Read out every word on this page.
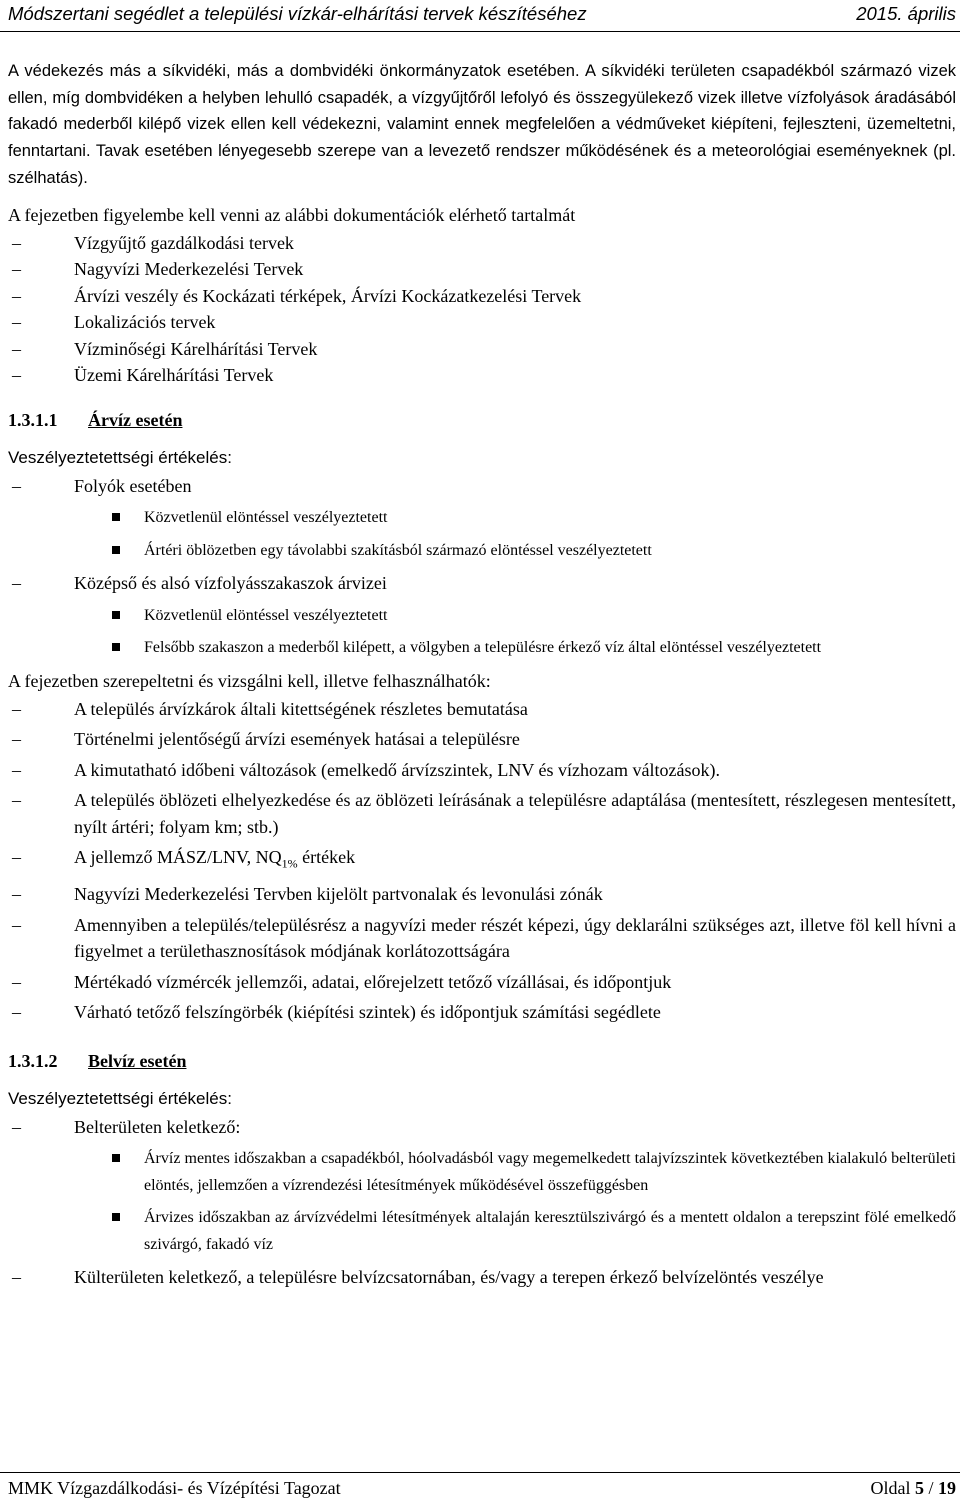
Módszertani segédlet a települési vízkár-elhárítási tervek készítéséhez	2015. április

A védekezés más a síkvidéki, más a dombvidéki önkormányzatok esetében. A síkvidéki területen csapadékból származó vizek ellen, míg dombvidéken a helyben lehulló csapadék, a vízgyűjtőről lefolyó és összegyülekező vizek illetve vízfolyások áradásából fakadó mederből kilépő vizek ellen kell védekezni, valamint ennek megfelelően a védműveket kiépíteni, fejleszteni, üzemeltetni, fenntartani. Tavak esetében lényegesebb szerepe van a levezető rendszer működésének és a meteorológiai eseményeknek (pl. szélhatás).

A fejezetben figyelembe kell venni az alábbi dokumentációk elérhető tartalmát

– Vízgyűjtő gazdálkodási tervek
– Nagyvízi Mederkezelési Tervek
– Árvízi veszély és Kockázati térképek, Árvízi Kockázatkezelési Tervek
– Lokalizációs tervek
– Vízminőségi Kárelhárítási Tervek
– Üzemi Kárelhárítási Tervek
1.3.1.1 Árvíz esetén
Veszélyeztetettségi értékelés:
– Folyók esetében
Közvetlenül elöntéssel veszélyeztetett
Ártéri öblözetben egy távolabbi szakításból származó elöntéssel veszélyeztetett
– Középső és alsó vízfolyásszakaszok árvizei
Közvetlenül elöntéssel veszélyeztetett
Felsőbb szakaszon a mederből kilépett, a völgyben a településre érkező víz által elöntéssel veszélyeztetett

A fejezetben szerepeltetni és vizsgálni kell, illetve felhasználhatók:

– A település árvízkárok általi kitettségének részletes bemutatása
– Történelmi jelentőségű árvízi események hatásai a településre
– A kimutatható időbeni változások (emelkedő árvízszintek, LNV és vízhozam változások).
– A település öblözeti elhelyezkedése és az öblözeti leírásának a településre adaptálása (mentesített, részlegesen mentesített, nyílt ártéri; folyam km; stb.)
– A jellemző MÁSZ/LNV, $NQ_{1\%}$ értékek
– Nagyvízi Mederkezelési Tervben kijelölt partvonalak és levonulási zónák
– Amennyiben a település/településrész a nagyvízi meder részét képezi, úgy deklarálni szükséges azt, illetve föl kell hívni a figyelmet a területhasznosítások módjának korlátozottságára
– Mértékadó vízmércék jellemzői, adatai, előrejelzett tetőző vízállásai, és időpontjuk
– Várható tetőző felszíngörbék (kiépítési szintek) és időpontjuk számítási segédlete
1.3.1.2 Belvíz esetén
Veszélyeztetettségi értékelés:
– Belterületen keletkező:
Árvíz mentes időszakban a csapadékból, hóolvadásból vagy megemelkedett talajvízszintek következtében kialakuló belterületi elöntés, jellemzően a vízrendezési létesítmények működésével összefüggésben
Árvizes időszakban az árvízvédelmi létesítmények altalaján keresztülszivárgó és a mentett oldalon a terepszint fölé emelkedő szivárgó, fakadó víz
– Külterületen keletkező, a településre belvízcsatornában, és/vagy a terepen érkező belvízelöntés veszélye
MMK Vízgazdálkodási- és Vízépítési Tagozat	Oldal 5 / 19
